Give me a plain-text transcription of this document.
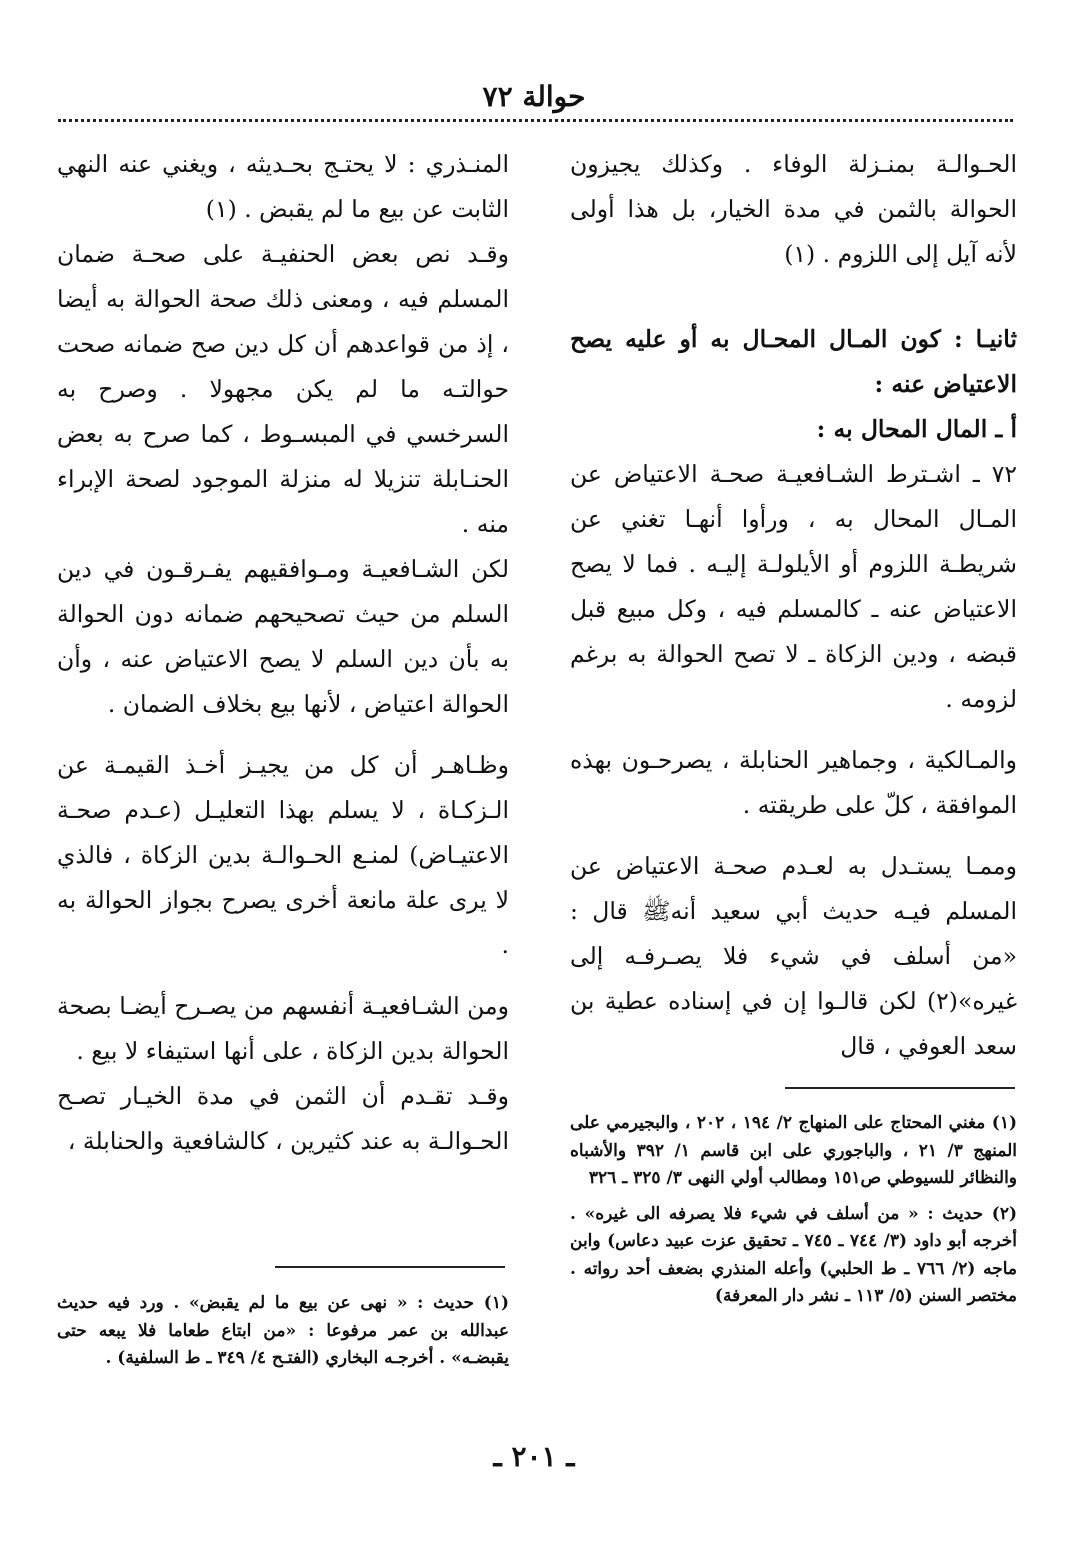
حوالة ٧٢

الحـوالـة بمنـزلة الوفاء . وكذلك يجيزون الحوالة بالثمن في مدة الخيار، بل هذا أولى لأنه آيل إلى اللزوم . (١)

ثانيـا : كون المـال المحـال به أو عليه يصح الاعتياض عنه :

أ ـ المال المحال به :

٧٢ ـ اشـترط الشـافعيـة صحـة الاعتياض عن المـال المحال به ، ورأوا أنهـا تغني عن شريطـة اللزوم أو الأيلولـة إليـه . فما لا يصح الاعتياض عنه ـ كالمسلم فيه ، وكل مبيع قبل قبضه ، ودين الزكاة ـ لا تصح الحوالة به برغم لزومه .

والمـالكية ، وجماهير الحنابلة ، يصرحـون بهذه الموافقة ، كلّ على طريقته .

وممـا يستـدل به لعـدم صحـة الاعتياض عن المسلم فيـه حديث أبي سعيد أنهﷺ قال : «من أسلف في شيء فلا يصـرفـه إلى غيره»(٢) لكن قالـوا إن في إسناده عطية بن سعد العوفي ، قال

المنـذري : لا يحتـج بحـديثه ، ويغني عنه النهي الثابت عن بيع ما لم يقبض . (١)

وقـد نص بعض الحنفيـة على صحـة ضمان المسلم فيه ، ومعنى ذلك صحة الحوالة به أيضا ، إذ من قواعدهم أن كل دين صح ضمانه صحت حوالتـه ما لم يكن مجهولا . وصرح به السرخسي في المبسـوط ، كما صرح به بعض الحنـابلة تنزيلا له منزلة الموجود لصحة الإبراء منه .

لكن الشـافعيـة ومـوافقيهم يفـرقـون في دين السلم من حيث تصحيحهم ضمانه دون الحوالة به بأن دين السلم لا يصح الاعتياض عنه ، وأن الحوالة اعتياض ، لأنها بيع بخلاف الضمان .

وظـاهـر أن كل من يجيـز أخـذ القيمـة عن الـزكـاة ، لا يسلم بهذا التعليـل (عـدم صحـة الاعتيـاض) لمنـع الحـوالـة بدين الزكاة ، فالذي لا يرى علة مانعة أخرى يصرح بجواز الحوالة به .

ومن الشـافعيـة أنفسهم من يصـرح أيضـا بصحة الحوالة بدين الزكاة ، على أنها استيفاء لا بيع .

وقـد تقـدم أن الثمن في مدة الخيـار تصـح الحـوالـة به عند كثيرين ، كالشافعية والحنابلة ،

(١) مغني المحتاج على المنهاج ٢/ ١٩٤ ، ٢٠٢ ، والبجيرمي على المنهج ٣/ ٢١ ، والباجوري على ابن قاسم ١/ ٣٩٢ والأشباه والنظائر للسيوطي ص١٥١ ومطالب أولي النهى ٣/ ٣٢٥ ـ ٣٢٦

(٢) حديث : « من أسلف في شيء فلا يصرفه الى غيره» . أخرجه أبو داود (٣/ ٧٤٤ ـ ٧٤٥ ـ تحقيق عزت عبيد دعاس) وابن ماجه (٢/ ٧٦٦ ـ ط الحلبي) وأعله المنذري بضعف أحد رواته . مختصر السنن (٥/ ١١٣ ـ نشر دار المعرفة)

(١) حديث : « نهى عن بيع ما لم يقبض» . ورد فيه حديث عبدالله بن عمر مرفوعا : «من ابتاع طعاما فلا يبعه حتى يقبضـه» . أخرجـه البخاري (الفتـح ٤/ ٣٤٩ ـ ط السلفية) .

ـ ٢٠١ ـ
